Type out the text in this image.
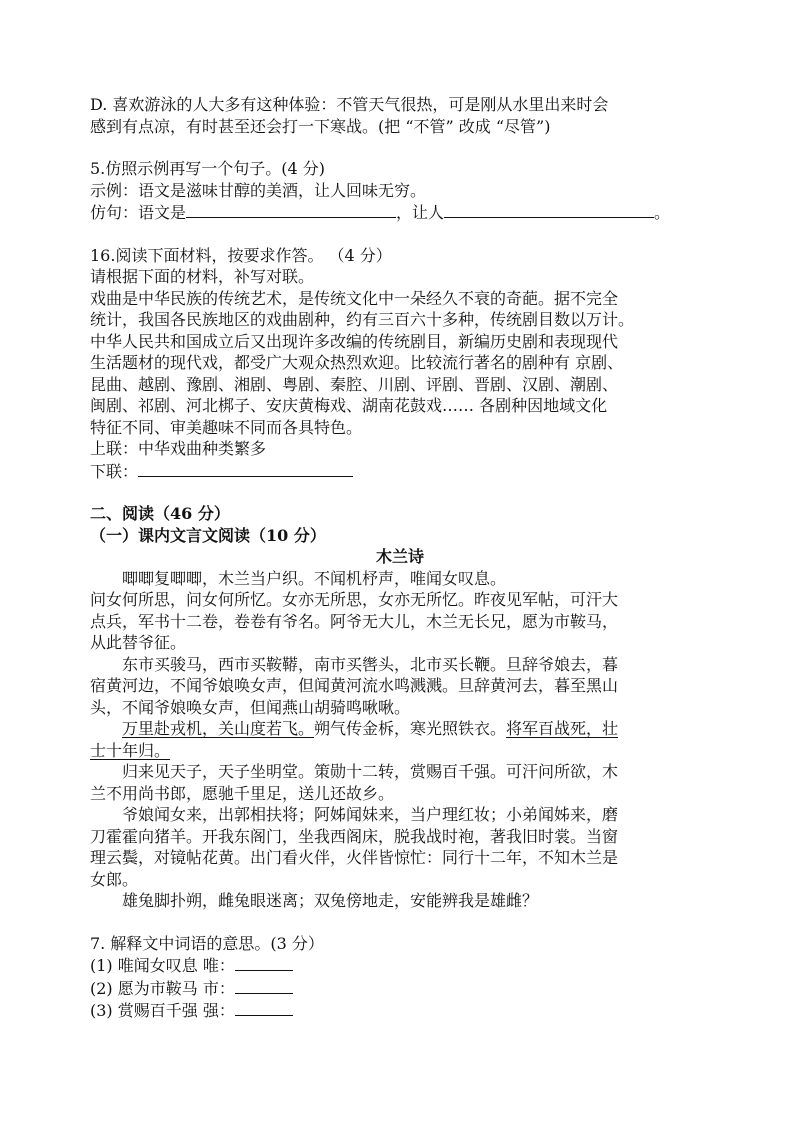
D. 喜欢游泳的人大多有这种体验：不管天气很热，可是刚从水里出来时会
感到有点凉，有时甚至还会打一下寒战。(把 “不管” 改成 “尽管”)
5.仿照示例再写一个句子。(4 分)
示例：语文是滋味甘醇的美酒，让人回味无穷。
仿句：语文是	，让人	。
16.阅读下面材料，按要求作答。 （4 分）
请根据下面的材料，补写对联。
戏曲是中华民族的传统艺术，是传统文化中一朵经久不衰的奇葩。据不完全
统计，我国各民族地区的戏曲剧种，约有三百六十多种，传统剧目数以万计。
中华人民共和国成立后又出现许多改编的传统剧目，新编历史剧和表现现代
生活题材的现代戏，都受广大观众热烈欢迎。比较流行著名的剧种有 京剧、
昆曲、越剧、豫剧、湘剧、粤剧、秦腔、川剧、评剧、晋剧、汉剧、潮剧、
闽剧、祁剧、河北梆子、安庆黄梅戏、湖南花鼓戏…… 各剧种因地域文化
特征不同、审美趣味不同而各具特色。
上联：中华戏曲种类繁多
下联：
二、阅读（46 分）
（一）课内文言文阅读（10 分）
木兰诗
唧唧复唧唧，木兰当户织。不闻机杼声，唯闻女叹息。
问女何所思，问女何所忆。女亦无所思，女亦无所忆。昨夜见军帖，可汗大
点兵，军书十二卷，卷卷有爷名。阿爷无大儿，木兰无长兄，愿为市鞍马，
从此替爷征。
东市买骏马，西市买鞍鞯，南市买辔头，北市买长鞭。旦辞爷娘去，暮
宿黄河边，不闻爷娘唤女声，但闻黄河流水鸣溅溅。旦辞黄河去，暮至黑山
头，不闻爷娘唤女声，但闻燕山胡骑鸣啾啾。
万里赴戎机，关山度若飞。朔气传金柝，寒光照铁衣。将军百战死，壮
士十年归。
归来见天子，天子坐明堂。策勋十二转，赏赐百千强。可汗问所欲，木
兰不用尚书郎，愿驰千里足，送儿还故乡。
爷娘闻女来，出郭相扶将；阿姊闻妹来，当户理红妆；小弟闻姊来，磨
刀霍霍向猪羊。开我东阁门，坐我西阁床，脱我战时袍，著我旧时裳。当窗
理云鬓，对镜帖花黄。出门看火伴，火伴皆惊忙：同行十二年，不知木兰是
女郎。
雄兔脚扑朔，雌兔眼迷离；双兔傍地走，安能辨我是雄雌？
7. 解释文中词语的意思。(3 分）
(1) 唯闻女叹息 唯：
(2) 愿为市鞍马 市：
(3) 赏赐百千强 强：
